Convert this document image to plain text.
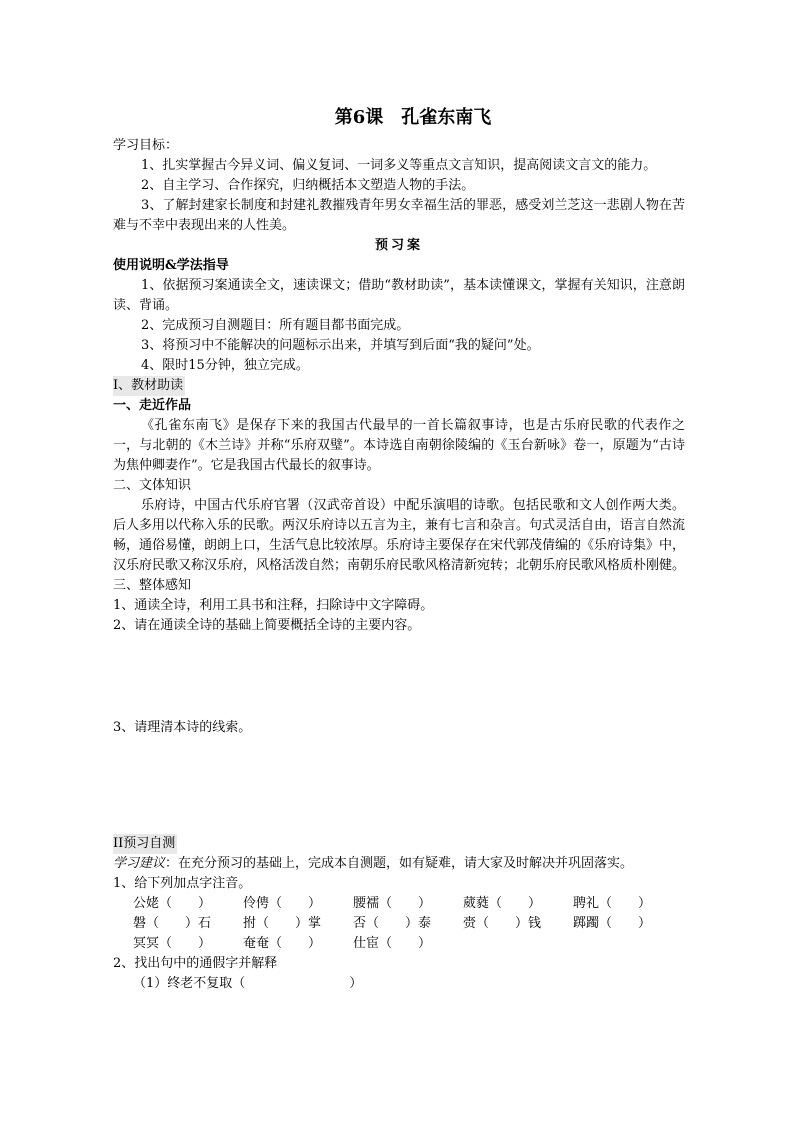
第6课　孔雀东南飞

学习目标：

1、扎实掌握古今异义词、偏义复词、一词多义等重点文言知识，提高阅读文言文的能力。

2、自主学习、合作探究，归纳概括本文塑造人物的手法。

3、了解封建家长制度和封建礼教摧残青年男女幸福生活的罪恶，感受刘兰芝这一悲剧人物在苦难与不幸中表现出来的人性美。

预习案

使用说明&学法指导

1、依据预习案通读全文，速读课文；借助“教材助读”，基本读懂课文，掌握有关知识，注意朗读、背诵。

2、完成预习自测题目：所有题目都书面完成。

3、将预习中不能解决的问题标示出来，并填写到后面“我的疑问”处。

4、限时15分钟，独立完成。

I、教材助读

一、走近作品

《孔雀东南飞》是保存下来的我国古代最早的一首长篇叙事诗，也是古乐府民歌的代表作之一，与北朝的《木兰诗》并称“乐府双璧”。本诗选自南朝徐陵编的《玉台新咏》卷一，原题为“古诗为焦仲卿妻作”。它是我国古代最长的叙事诗。

二、文体知识

乐府诗，中国古代乐府官署（汉武帝首设）中配乐演唱的诗歌。包括民歌和文人创作两大类。后人多用以代称入乐的民歌。两汉乐府诗以五言为主，兼有七言和杂言。句式灵活自由，语言自然流畅，通俗易懂，朗朗上口，生活气息比较浓厚。乐府诗主要保存在宋代郭茂倩编的《乐府诗集》中，汉乐府民歌又称汉乐府，风格活泼自然；南朝乐府民歌风格清新宛转；北朝乐府民歌风格质朴刚健。

三、整体感知

1、通读全诗，利用工具书和注释，扫除诗中文字障碍。

2、请在通读全诗的基础上简要概括全诗的主要内容。

3、请理清本诗的线索。

II预习自测

学习建议：在充分预习的基础上，完成本自测题，如有疑难，请大家及时解决并巩固落实。

1、给下列加点字注音。

公姥（　　）	伶俜（　　）	腰襦（　　）	葳蕤（　　）	聘礼（　　）
磐（　　）石	拊（　　）掌	否（　　）泰	赍（　　）钱	踯躅（　　）
冥冥（　　）	奄奄（　　）	仕宦（　　）

2、找出句中的通假字并解释

（1）终老不复取（　　　　　　　　）
